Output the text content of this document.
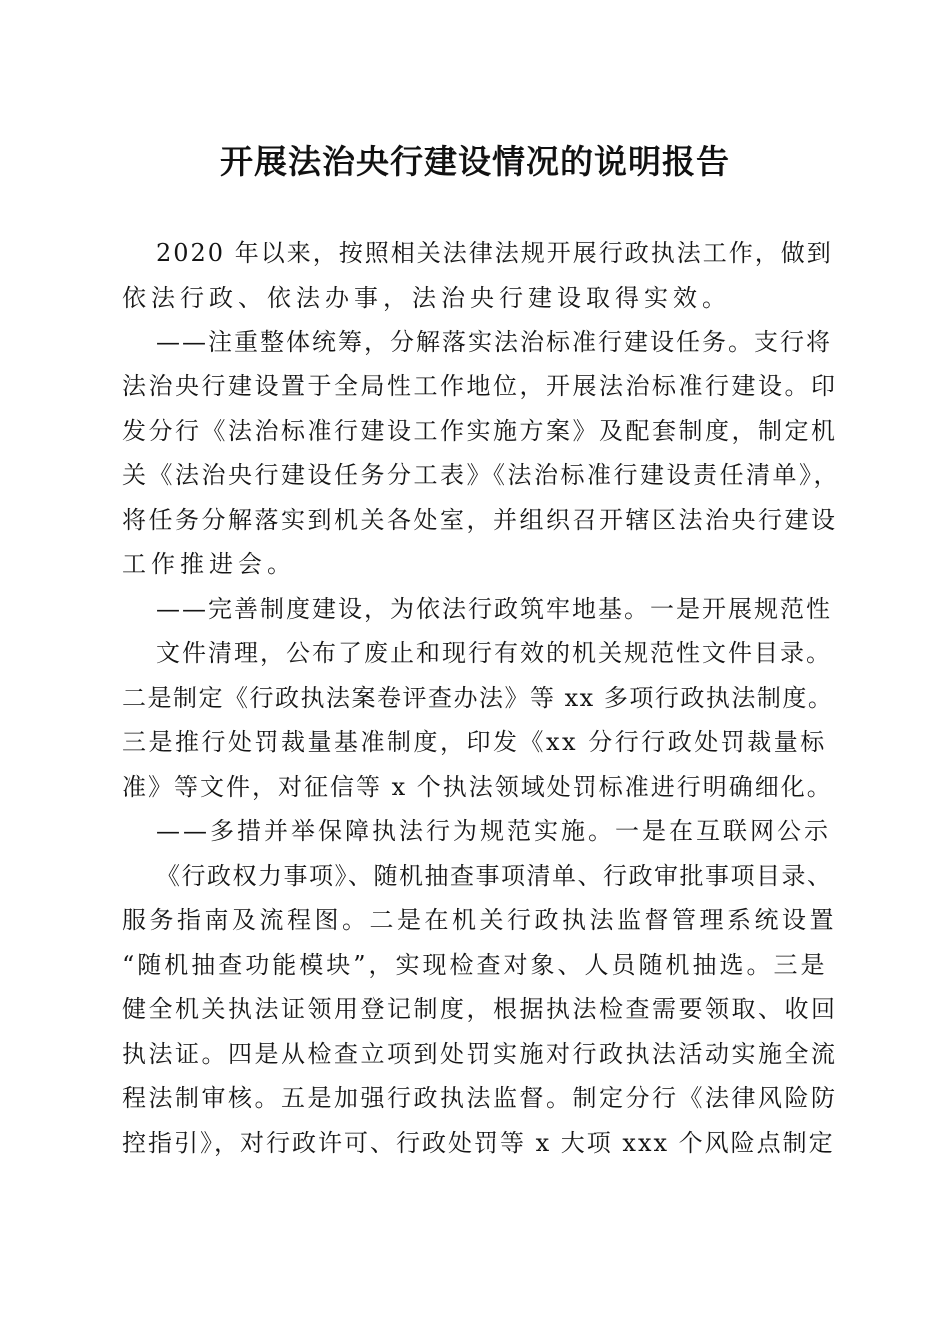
开展法治央行建设情况的说明报告
2020 年以来，按照相关法律法规开展行政执法工作，做到
依法行政、依法办事，法治央行建设取得实效。
——注重整体统筹，分解落实法治标准行建设任务。支行将
法治央行建设置于全局性工作地位，开展法治标准行建设。印
发分行《法治标准行建设工作实施方案》及配套制度，制定机
关《法治央行建设任务分工表》《法治标准行建设责任清单》，
将任务分解落实到机关各处室，并组织召开辖区法治央行建设
工作推进会。
——完善制度建设，为依法行政筑牢地基。一是开展规范性
文件清理，公布了废止和现行有效的机关规范性文件目录。
二是制定《行政执法案卷评查办法》等 xx 多项行政执法制度。
三是推行处罚裁量基准制度，印发《xx 分行行政处罚裁量标
准》等文件，对征信等 x 个执法领域处罚标准进行明确细化。
——多措并举保障执法行为规范实施。一是在互联网公示
《行政权力事项》、随机抽查事项清单、行政审批事项目录、
服务指南及流程图。二是在机关行政执法监督管理系统设置
“随机抽查功能模块”，实现检查对象、人员随机抽选。三是
健全机关执法证领用登记制度，根据执法检查需要领取、收回
执法证。四是从检查立项到处罚实施对行政执法活动实施全流
程法制审核。五是加强行政执法监督。制定分行《法律风险防
控指引》，对行政许可、行政处罚等 x 大项 xxx 个风险点制定
